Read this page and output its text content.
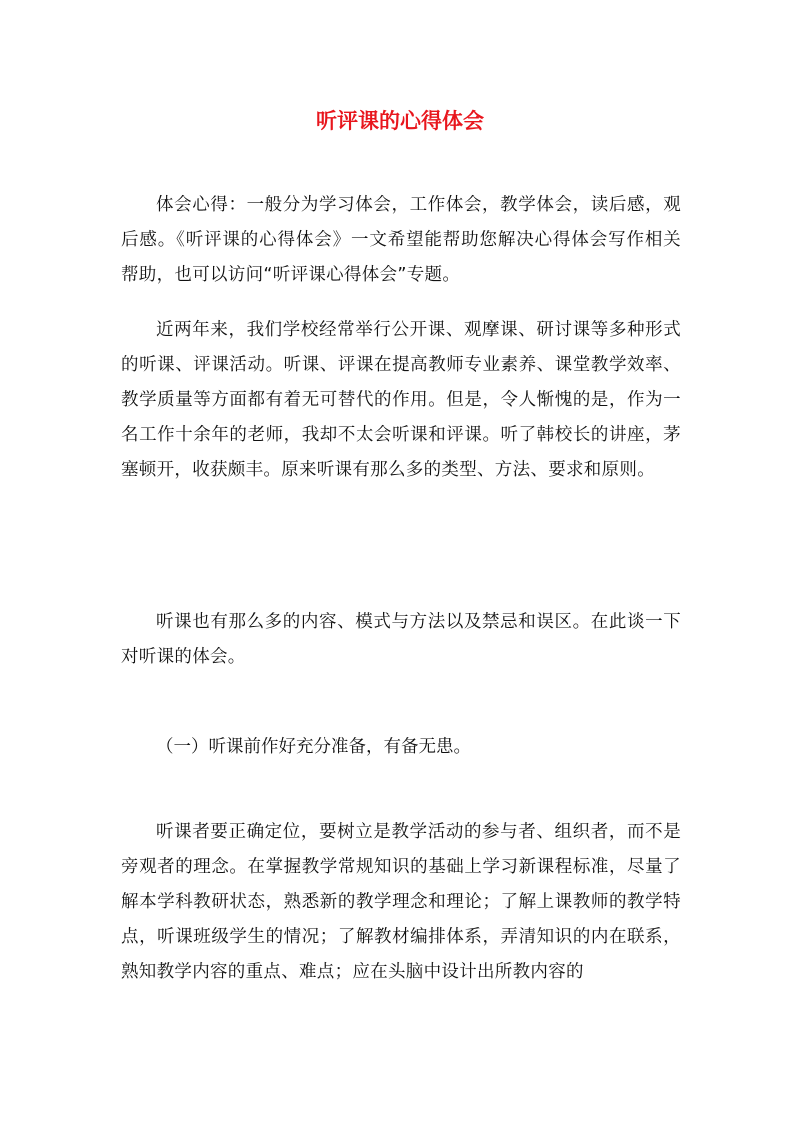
听评课的心得体会

体会心得：一般分为学习体会，工作体会，教学体会，读后感，观后感。《听评课的心得体会》一文希望能帮助您解决心得体会写作相关帮助，也可以访问“听评课心得体会”专题。

近两年来，我们学校经常举行公开课、观摩课、研讨课等多种形式的听课、评课活动。听课、评课在提高教师专业素养、课堂教学效率、教学质量等方面都有着无可替代的作用。但是，令人惭愧的是，作为一名工作十余年的老师，我却不太会听课和评课。听了韩校长的讲座，茅塞顿开，收获颇丰。原来听课有那么多的类型、方法、要求和原则。

听课也有那么多的内容、模式与方法以及禁忌和误区。在此谈一下对听课的体会。

（一）听课前作好充分准备，有备无患。

听课者要正确定位，要树立是教学活动的参与者、组织者，而不是旁观者的理念。在掌握教学常规知识的基础上学习新课程标准，尽量了解本学科教研状态，熟悉新的教学理念和理论；了解上课教师的教学特点，听课班级学生的情况；了解教材编排体系，弄清知识的内在联系，熟知教学内容的重点、难点；应在头脑中设计出所教内容的
